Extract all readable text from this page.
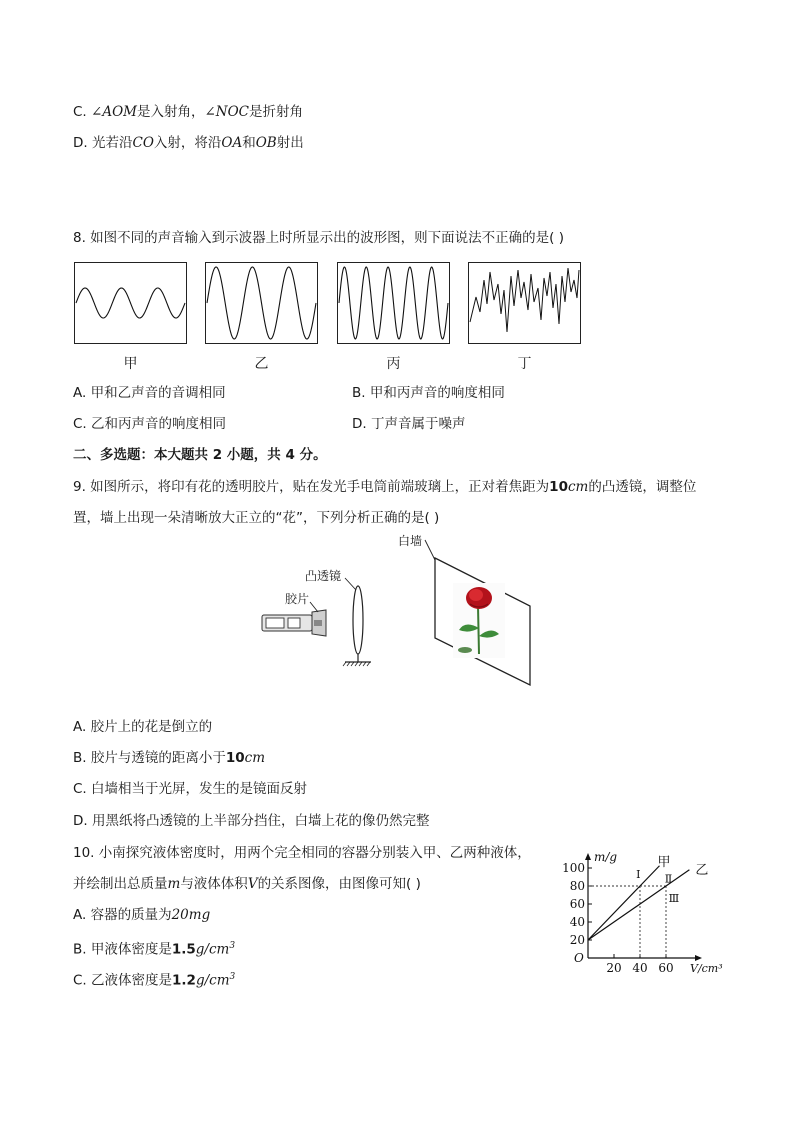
C. ∠AOM是入射角，∠NOC是折射角
D. 光若沿CO入射，将沿OA和OB射出
8. 如图不同的声音输入到示波器上时所显示出的波形图，则下面说法不正确的是( )
甲	乙	丙	丁
A. 甲和乙声音的音调相同	B. 甲和丙声音的响度相同
C. 乙和丙声音的响度相同	D. 丁声音属于噪声
二、多选题：本大题共 2 小题，共 4 分。
9. 如图所示，将印有花的透明胶片，贴在发光手电筒前端玻璃上，正对着焦距为10cm的凸透镜，调整位
置，墙上出现一朵清晰放大正立的“花”，下列分析正确的是( )
白墙
凸透镜
胶片
A. 胶片上的花是倒立的
B. 胶片与透镜的距离小于10cm
C. 白墙相当于光屏，发生的是镜面反射
D. 用黑纸将凸透镜的上半部分挡住，白墙上花的像仍然完整
10. 小南探究液体密度时，用两个完全相同的容器分别装入甲、乙两种液体，
并绘制出总质量m与液体体积V的关系图像，由图像可知( )
A. 容器的质量为20mg
B. 甲液体密度是$1.5g/cm^3$
C. 乙液体密度是$1.2g/cm^3$
20
40
60
80
100
20 40 60
O
V/cm³
m/g	甲
乙
Ⅰ Ⅱ
Ⅲ
